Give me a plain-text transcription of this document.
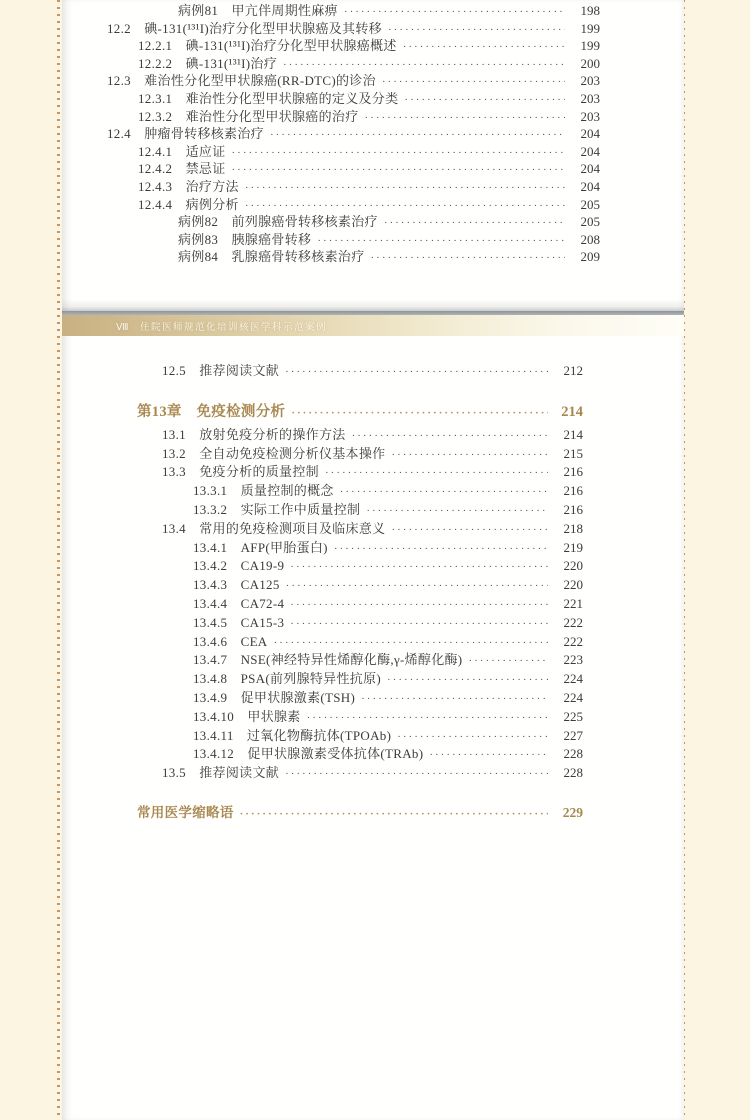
病例81　甲亢伴周期性麻痹 ·····	198
12.2　碘-131(¹³¹I)治疗分化型甲状腺癌及其转移 ·····	199
12.2.1　碘-131(¹³¹I)治疗分化型甲状腺癌概述 ·····	199
12.2.2　碘-131(¹³¹I)治疗 ·····	200
12.3　难治性分化型甲状腺癌(RR-DTC)的诊治 ·····	203
12.3.1　难治性分化型甲状腺癌的定义及分类 ·····	203
12.3.2　难治性分化型甲状腺癌的治疗 ·····	203
12.4　肿瘤骨转移核素治疗 ·····	204
12.4.1　适应证 ·····	204
12.4.2　禁忌证 ·····	204
12.4.3　治疗方法 ·····	204
12.4.4　病例分析 ·····	205
病例82　前列腺癌骨转移核素治疗 ·····	205
病例83　胰腺癌骨转移 ·····	208
病例84　乳腺癌骨转移核素治疗 ·····	209
Ⅷ 住院医师规范化培训核医学科示范案例
12.5　推荐阅读文献 ·····	212
第13章　免疫检测分析 ·····	214
13.1　放射免疫分析的操作方法 ·····	214
13.2　全自动免疫检测分析仪基本操作 ·····	215
13.3　免疫分析的质量控制 ·····	216
13.3.1　质量控制的概念 ·····	216
13.3.2　实际工作中质量控制 ·····	216
13.4　常用的免疫检测项目及临床意义 ·····	218
13.4.1　AFP(甲胎蛋白) ·····	219
13.4.2　CA19-9 ·····	220
13.4.3　CA125 ·····	220
13.4.4　CA72-4 ·····	221
13.4.5　CA15-3 ·····	222
13.4.6　CEA ·····	222
13.4.7　NSE(神经特异性烯醇化酶,γ-烯醇化酶) ·····	223
13.4.8　PSA(前列腺特异性抗原) ·····	224
13.4.9　促甲状腺激素(TSH) ·····	224
13.4.10　甲状腺素 ·····	225
13.4.11　过氧化物酶抗体(TPOAb) ·····	227
13.4.12　促甲状腺激素受体抗体(TRAb) ·····	228
13.5　推荐阅读文献 ·····	228
常用医学缩略语 ·····	229
